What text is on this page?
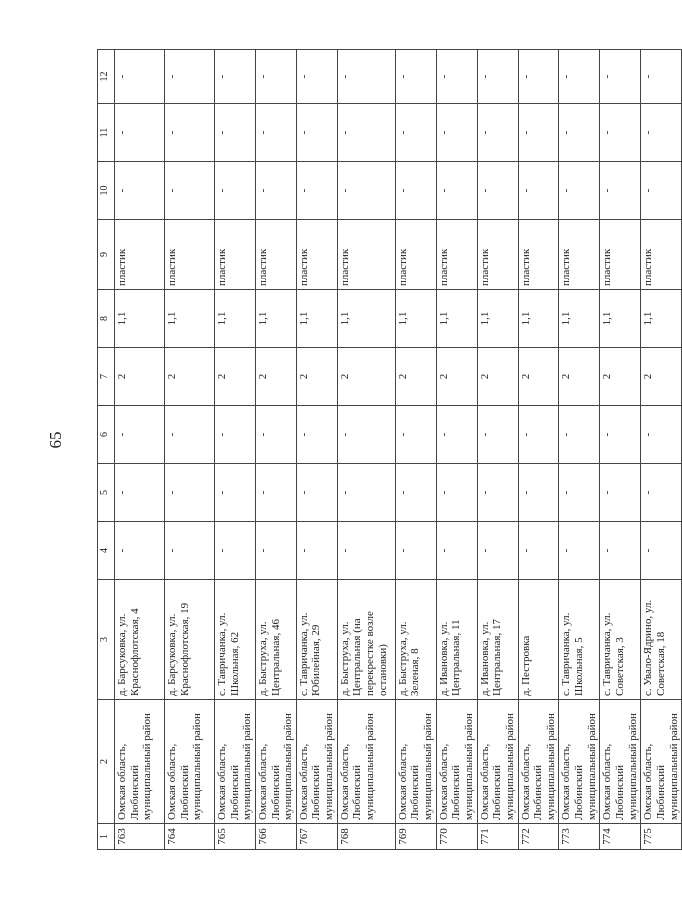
65
1	2	3	4	5	6	7	8	9	10	11	12
763	Омская область, Любинский муниципальный район	д. Барсуковка, ул. Краснофлотская, 4	-	-	-	2	1,1	пластик	-	-	-
764	Омская область, Любинский муниципальный район	д. Барсуковка, ул. Краснофлотская, 19	-	-	-	2	1,1	пластик	-	-	-
765	Омская область, Любинский муниципальный район	с. Тавричанка, ул. Школьная, 62	-	-	-	2	1,1	пластик	-	-	-
766	Омская область, Любинский муниципальный район	д. Быструха, ул. Центральная, 46	-	-	-	2	1,1	пластик	-	-	-
767	Омская область, Любинский муниципальный район	с. Тавричанка, ул. Юбилейная, 29	-	-	-	2	1,1	пластик	-	-	-
768	Омская область, Любинский муниципальный район	д. Быструха, ул. Центральная (на перекрестке возле остановки)	-	-	-	2	1,1	пластик	-	-	-
769	Омская область, Любинский муниципальный район	д. Быструха, ул. Зеленая, 8	-	-	-	2	1,1	пластик	-	-	-
770	Омская область, Любинский муниципальный район	д. Ивановка, ул. Центральная, 11	-	-	-	2	1,1	пластик	-	-	-
771	Омская область, Любинский муниципальный район	д. Ивановка, ул. Центральная, 17	-	-	-	2	1,1	пластик	-	-	-
772	Омская область, Любинский муниципальный район	д. Пестровка	-	-	-	2	1,1	пластик	-	-	-
773	Омская область, Любинский муниципальный район	с. Тавричанка, ул. Школьная, 5	-	-	-	2	1,1	пластик	-	-	-
774	Омская область, Любинский муниципальный район	с. Тавричанка, ул. Советская, 3	-	-	-	2	1,1	пластик	-	-	-
775	Омская область, Любинский муниципальный район	с. Увало-Ядрино, ул. Советская, 18	-	-	-	2	1,1	пластик	-	-	-
